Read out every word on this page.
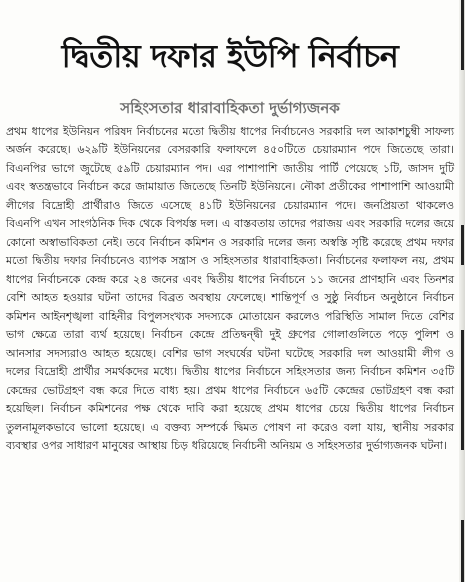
দ্বিতীয় দফার ইউপি নির্বাচন
সহিংসতার ধারাবাহিকতা দুর্ভাগ্যজনক

প্রথম ধাপের ইউনিয়ন পরিষদ নির্বাচনের মতো দ্বিতীয় ধাপের নির্বাচনেও সরকারি দল আকাশচুম্বী সাফল্য অর্জন করেছে। ৬২৯টি ইউনিয়নের বেসরকারি ফলাফলে ৪৫০টিতে চেয়ারম্যান পদে জিতেছে তারা। বিএনপির ভাগে জুটেছে ৫৯টি চেয়ারম্যান পদ। এর পাশাপাশি জাতীয় পার্টি পেয়েছে ১টি, জাসদ দুটি এবং স্বতন্ত্রভাবে নির্বাচন করে জামায়াত জিতেছে তিনটি ইউনিয়নে। নৌকা প্রতীকের পাশাপাশি আওয়ামী লীগের বিদ্রোহী প্রার্থীরাও জিতে এসেছে ৪১টি ইউনিয়নের চেয়ারম্যান পদে। জনপ্রিয়তা থাকলেও বিএনপি এখন সাংগঠনিক দিক থেকে বিপর্যস্ত দল। এ বাস্তবতায় তাদের পরাজয় এবং সরকারি দলের জয়ে কোনো অস্বাভাবিকতা নেই। তবে নির্বাচন কমিশন ও সরকারি দলের জন্য অস্বস্তি সৃষ্টি করেছে প্রথম দফার মতো দ্বিতীয় দফার নির্বাচনেও ব্যাপক সন্ত্রাস ও সহিংসতার ধারাবাহিকতা। নির্বাচনের ফলাফল নয়, প্রথম ধাপের নির্বাচনকে কেন্দ্র করে ২৪ জনের এবং দ্বিতীয় ধাপের নির্বাচনে ১১ জনের প্রাণহানি এবং তিনশর বেশি আহত হওয়ার ঘটনা তাদের বিব্রত অবস্থায় ফেলেছে। শান্তিপূর্ণ ও সুষ্ঠু নির্বাচন অনুষ্ঠানে নির্বাচন কমিশন আইনশৃঙ্খলা বাহিনীর বিপুলসংখ্যক সদস্যকে মোতায়েন করলেও পরিস্থিতি সামাল দিতে বেশির ভাগ ক্ষেত্রে তারা ব্যর্থ হয়েছে। নির্বাচন কেন্দ্রে প্রতিদ্বন্দ্বী দুই গ্রুপের গোলাগুলিতে পড়ে পুলিশ ও আনসার সদস্যরাও আহত হয়েছে। বেশির ভাগ সংঘর্ষের ঘটনা ঘটেছে সরকারি দল আওয়ামী লীগ ও দলের বিদ্রোহী প্রার্থীর সমর্থকদের মধ্যে। দ্বিতীয় ধাপের নির্বাচনে সহিংসতার জন্য নির্বাচন কমিশন ৩৫টি কেন্দ্রের ভোটগ্রহণ বন্ধ করে দিতে বাধ্য হয়। প্রথম ধাপের নির্বাচনে ৬৫টি কেন্দ্রের ভোটগ্রহণ বন্ধ করা হয়েছিল। নির্বাচন কমিশনের পক্ষ থেকে দাবি করা হয়েছে প্রথম ধাপের চেয়ে দ্বিতীয় ধাপের নির্বাচন তুলনামূলকভাবে ভালো হয়েছে। এ বক্তব্য সম্পর্কে দ্বিমত পোষণ না করেও বলা যায়, স্থানীয় সরকার ব্যবস্থার ওপর সাধারণ মানুষের আস্থায় চিড় ধরিয়েছে নির্বাচনী অনিয়ম ও সহিংসতার দুর্ভাগ্যজনক ঘটনা।
